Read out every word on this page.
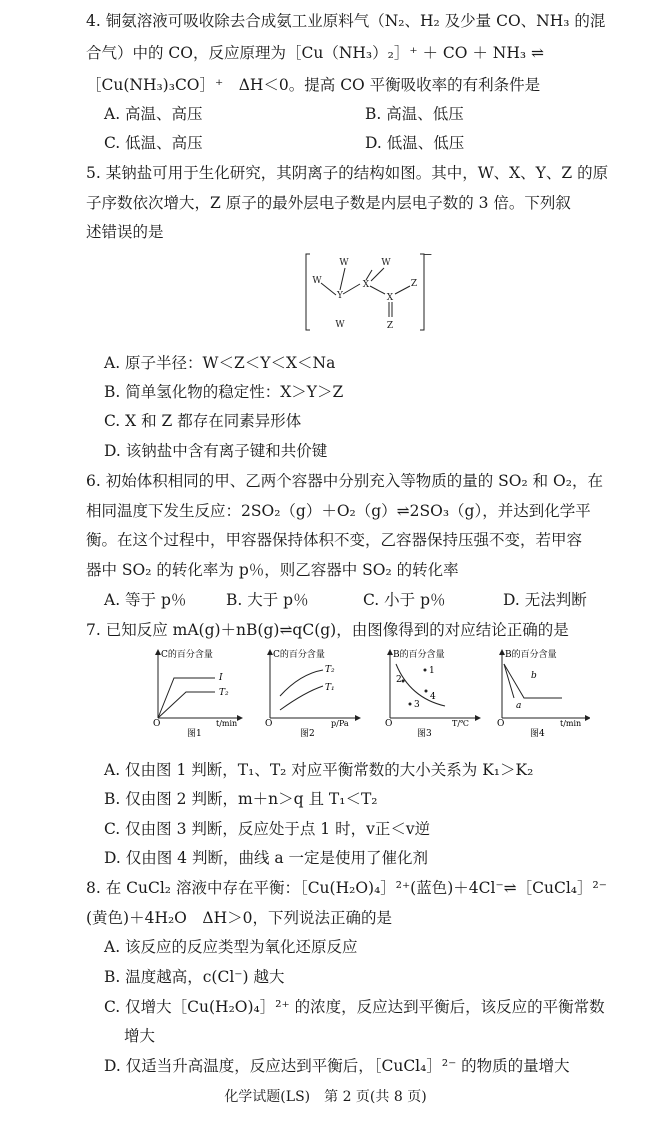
4. 铜氨溶液可吸收除去合成氨工业原料气（N₂、H₂ 及少量 CO、NH₃ 的混
合气）中的 CO，反应原理为［Cu（NH₃）₂］⁺ ＋ CO ＋ NH₃ ⇌
［Cu(NH₃)₃CO］⁺　ΔH＜0。提高 CO 平衡吸收率的有利条件是
A. 高温、高压	B. 高温、低压
C. 低温、高压	D. 低温、低压
5. 某钠盐可用于生化研究，其阴离子的结构如图。其中，W、X、Y、Z 的原
子序数依次增大，Z 原子的最外层电子数是内层电子数的 3 倍。下列叙
述错误的是
W	W
W	X
Y	X
Z
Z
W
−
A. 原子半径：W＜Z＜Y＜X＜Na
B. 简单氢化物的稳定性：X＞Y＞Z
C. X 和 Z 都存在同素异形体
D. 该钠盐中含有离子键和共价键
6. 初始体积相同的甲、乙两个容器中分别充入等物质的量的 SO₂ 和 O₂，在
相同温度下发生反应：2SO₂（g）＋O₂（g）⇌2SO₃（g），并达到化学平
衡。在这个过程中，甲容器保持体积不变，乙容器保持压强不变，若甲容
器中 SO₂ 的转化率为 p％，则乙容器中 SO₂ 的转化率
A. 等于 p％	B. 大于 p％	C. 小于 p％	D. 无法判断
7. 已知反应 mA(g)＋nB(g)⇌qC(g)，由图像得到的对应结论正确的是
C的百分含量
t/min
O
I
T₂
图1
C的百分含量
p/Pa
O
T₂
T₁
图2
B的百分含量
T/℃
O
2
1
3
4
图3
B的百分含量
t/min
O
b
a
图4
A. 仅由图 1 判断，T₁、T₂ 对应平衡常数的大小关系为 K₁＞K₂
B. 仅由图 2 判断，m＋n＞q 且 T₁＜T₂
C. 仅由图 3 判断，反应处于点 1 时，v正＜v逆
D. 仅由图 4 判断，曲线 a 一定是使用了催化剂
8. 在 CuCl₂ 溶液中存在平衡：［Cu(H₂O)₄］²⁺(蓝色)＋4Cl⁻⇌［CuCl₄］²⁻
(黄色)＋4H₂O　ΔH＞0，下列说法正确的是
A. 该反应的反应类型为氧化还原反应
B. 温度越高，c(Cl⁻) 越大
C. 仅增大［Cu(H₂O)₄］²⁺ 的浓度，反应达到平衡后，该反应的平衡常数
增大
D. 仅适当升高温度，反应达到平衡后，［CuCl₄］²⁻ 的物质的量增大
化学试题(LS)　第 2 页(共 8 页)
